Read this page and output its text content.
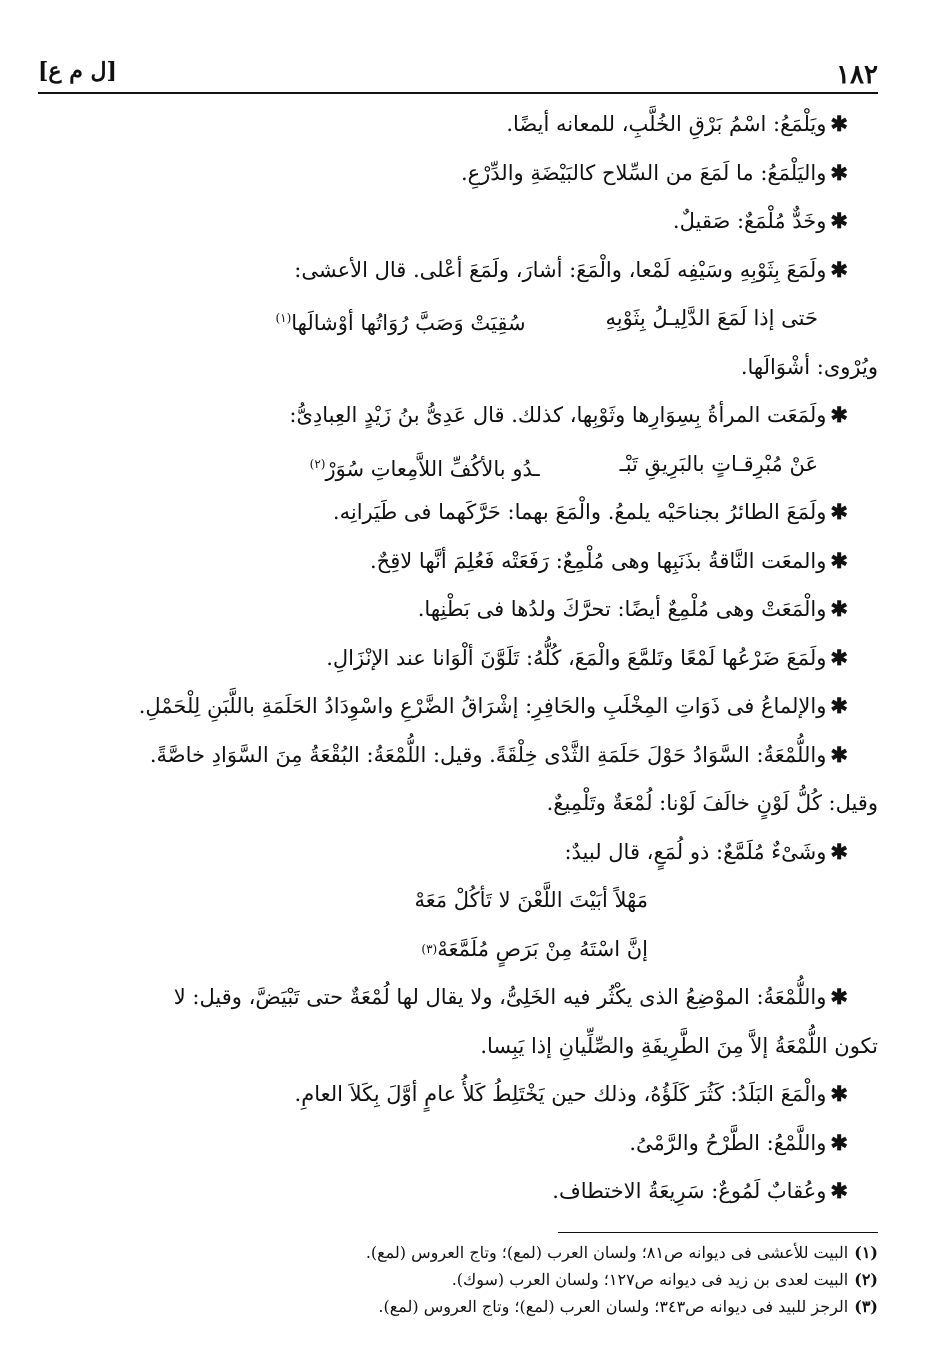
١٨٢
[ل م ع]
✱ويَلْمَعُ: اسْمُ بَرْقِ الخُلَّبِ، للمعانه أيضًا.
✱واليَلْمَعُ: ما لَمَعَ من السِّلاح كالبَيْضَةِ والدِّرْعِ.
✱وخَدٌّ مُلْمَعٌ: صَقيلٌ.
✱ولَمَعَ بِثَوْبِهِ وسَيْفِه لَمْعا، والْمَعَ: أشارَ، ولَمَعَ أعْلى. قال الأعشى:
حَتى إذا لَمَعَ الدَّلِيـلُ بِثَوْبِهِ
سُقِيَتْ وَصَبَّ رُوَاتُها أوْشالَها$^{(١)}$
ويُرْوى: أشْوَالَها.
✱ولَمَعَت المرأةُ بِسِوَارِها وثَوْبِها، كذلك. قال عَدِىُّ بنُ زَيْدٍ العِبادِىُّ:
عَنْ مُبْرِقـاتٍ بالبَرِيقِ تَبْـ
ـدُو بالأكُفِّ اللاَّمِعاتِ سُوَرْ$^{(٢)}$
✱ولَمَعَ الطائرُ بجناحَيْه يلمعُ. والْمَعَ بهما: حَرَّكَهما فى طَيَرانِه.
✱والمعَت النَّاقةُ بذَنَبِها وهى مُلْمِعٌ: رَفَعَتْه فَعُلِمَ أنَّها لاقِحٌ.
✱والْمَعَتْ وهى مُلْمِعٌ أيضًا: تحرَّكَ ولدُها فى بَطْنِها.
✱ولَمَعَ ضَرْعُها لَمْعًا وتَلمَّعَ والْمَعَ، كُلُّهُ: تَلَوَّنَ ألْوَانا عند الإنْزَالِ.
✱والإلماعُ فى ذَوَاتِ المِخْلَبِ والحَافِرِ: إشْرَاقُ الضَّرْعِ واسْوِدَادُ الحَلَمَةِ باللَّبَنِ لِلْحَمْلِ.
✱واللُّمْعَةُ: السَّوَادُ حَوْلَ حَلَمَةِ الثَّدْى خِلْقَةً. وقيل: اللُّمْعَةُ: البُقْعَةُ مِنَ السَّوَادِ خاصَّةً.
وقيل: كُلُّ لَوْنٍ خالَفَ لَوْنا: لُمْعَةٌ وتَلْمِيعٌ.
✱وشَىْءٌ مُلَمَّعٌ: ذو لُمَعٍ، قال لبيدٌ:
مَهْلاً أبَيْتَ اللَّعْنَ لا تَأكُلْ مَعَهْ
إنَّ اسْتَهُ مِنْ بَرَصٍ مُلَمَّعَهْ
(٣)
✱واللُّمْعَةُ: الموْضِعُ الذى يكْثُر فيه الخَلِىُّ، ولا يقال لها لُمْعَةٌ حتى تَبْيَضَّ، وقيل: لا
تكون اللُّمْعَةُ إلاَّ مِنَ الطَّرِيفَةِ والصِّلِّيانِ إذا يَبِسا.
✱والْمَعَ البَلَدُ: كَثُرَ كَلَؤُهُ، وذلك حين يَخْتَلِطُ كَلأُ عامٍ أوَّلَ بِكَلاَ العامِ.
✱واللَّمْعُ: الطَّرْحُ والرَّمْىُ.
✱وعُقابٌ لَمُوعٌ: سَرِيعَةُ الاختطاف.
(١)البيت للأعشى فى ديوانه ص٨١؛ ولسان العرب (لمع)؛ وتاج العروس (لمع).
(٢)البيت لعدى بن زيد فى ديوانه ص١٢٧؛ ولسان العرب (سوك).
(٣)الرجز للبيد فى ديوانه ص٣٤٣؛ ولسان العرب (لمع)؛ وتاج العروس (لمع).
